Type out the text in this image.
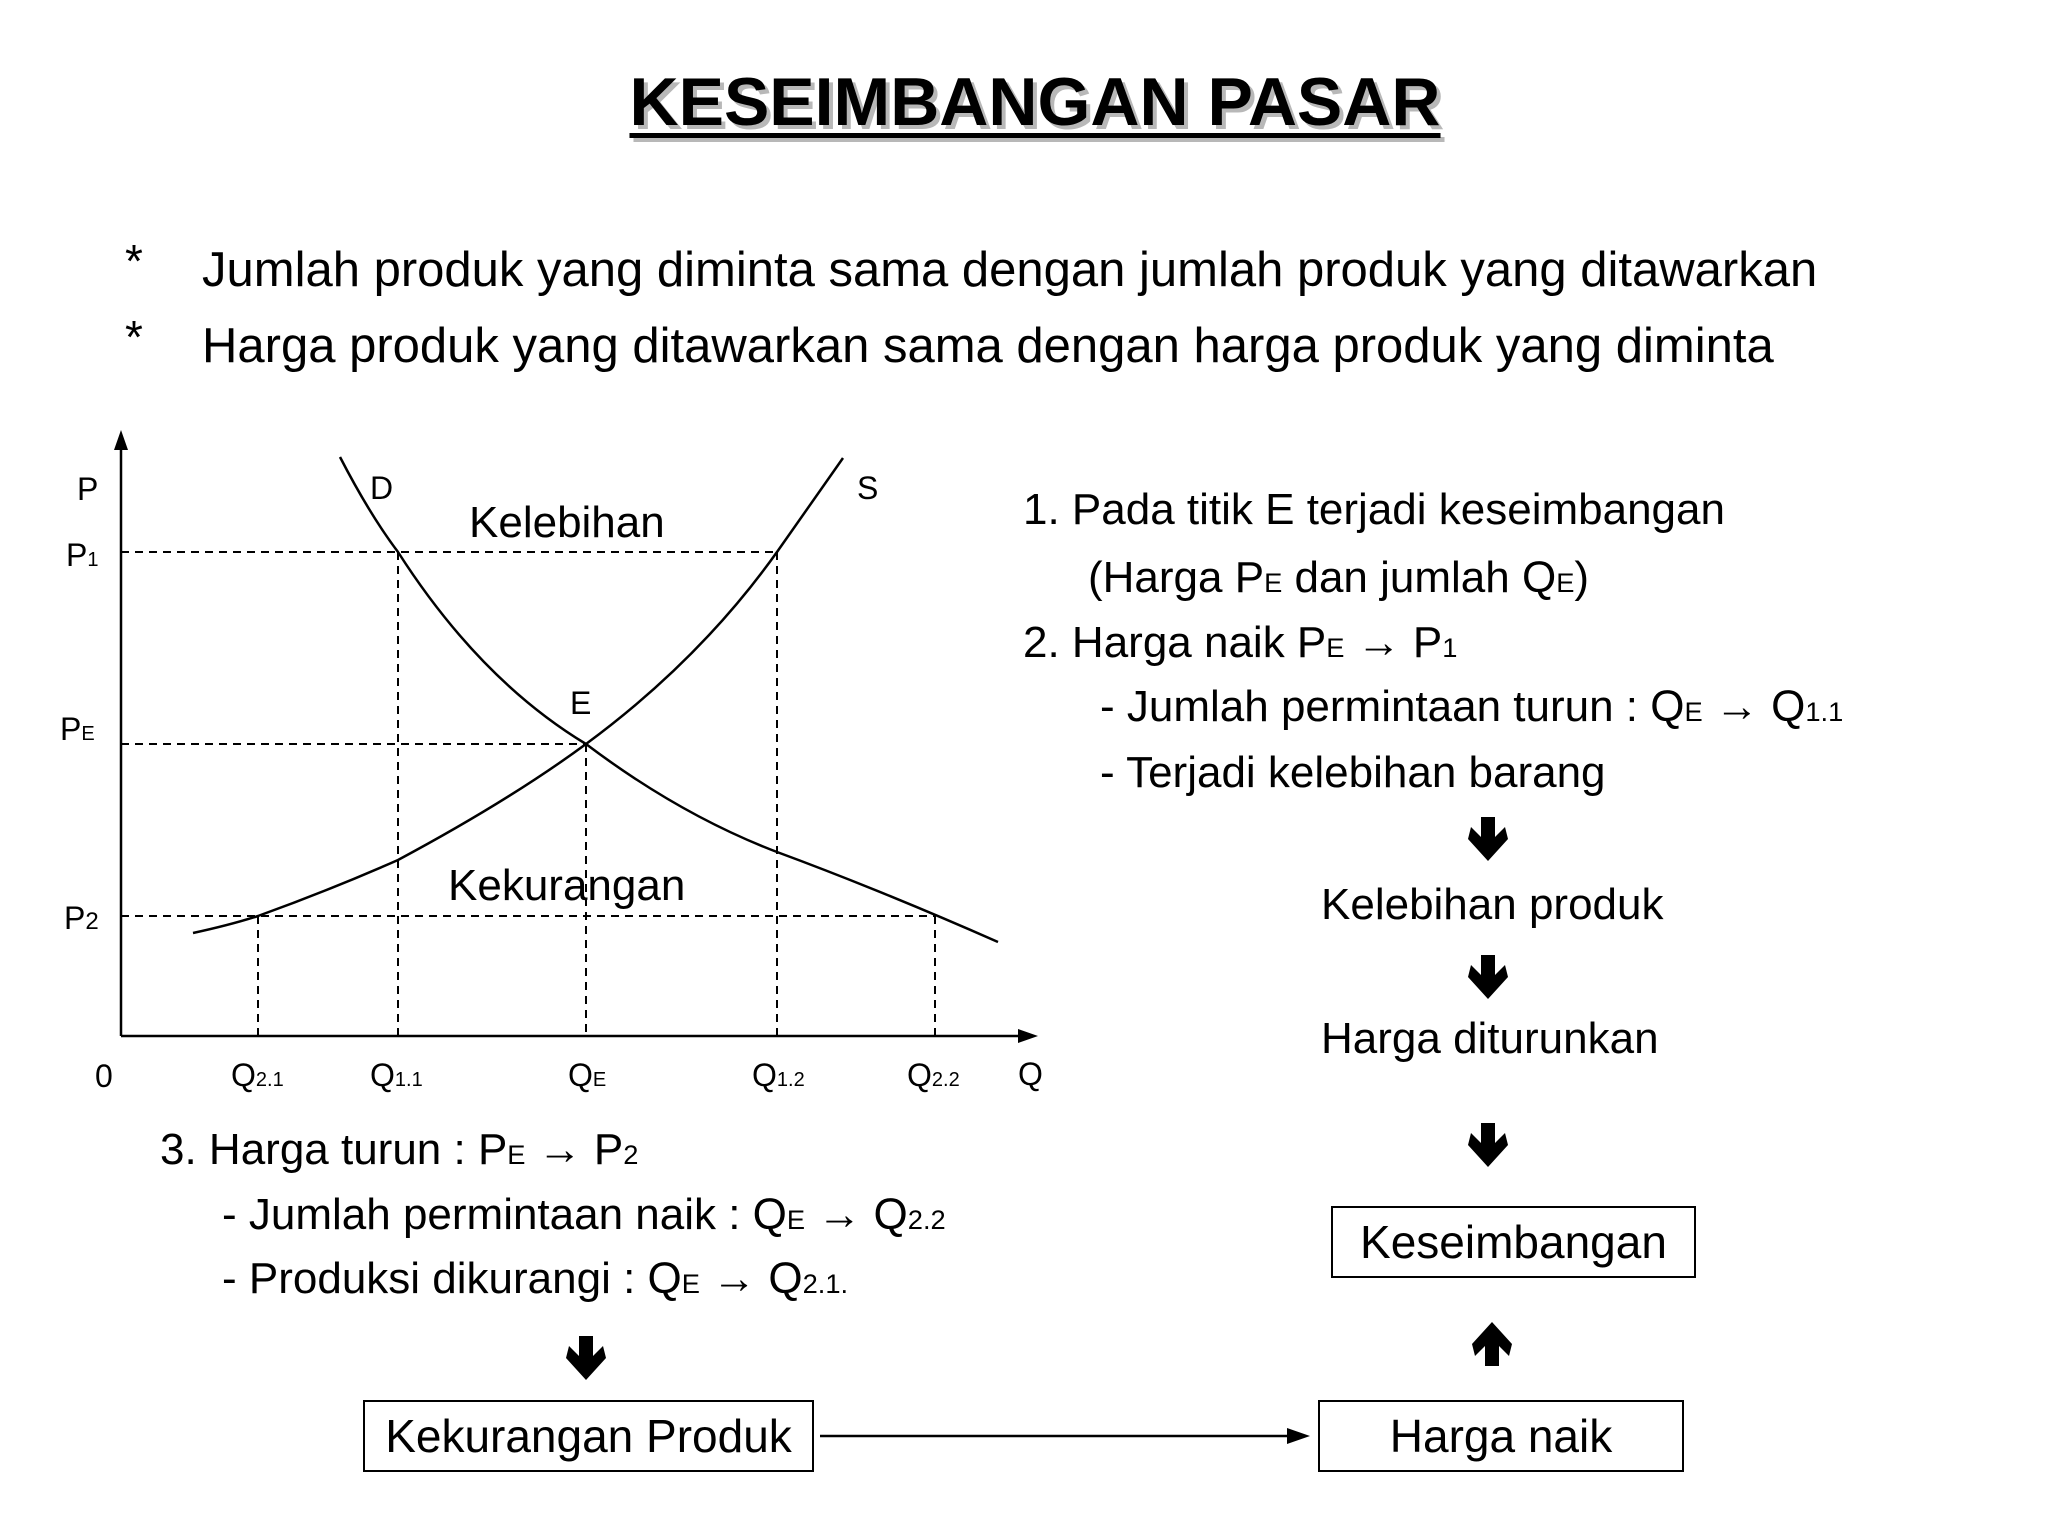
KESEIMBANGAN PASAR
* Jumlah produk yang diminta sama dengan jumlah produk yang ditawarkan
* Harga produk yang ditawarkan sama dengan harga produk yang diminta
P
Q
0
D	S
E
Kelebihan
Kekurangan
P1
PE
P2
Q2.1	Q1.1	QE	Q1.2	Q2.2
1. Pada titik E terjadi keseimbangan
(Harga PE dan jumlah QE)
2. Harga naik PE → P1
- Jumlah permintaan turun : QE → Q1.1
- Terjadi kelebihan barang
Kelebihan produk
Harga diturunkan
Keseimbangan
Harga naik
3. Harga turun : PE → P2
- Jumlah permintaan naik : QE → Q2.2
- Produksi dikurangi : QE → Q2.1.
Kekurangan Produk
